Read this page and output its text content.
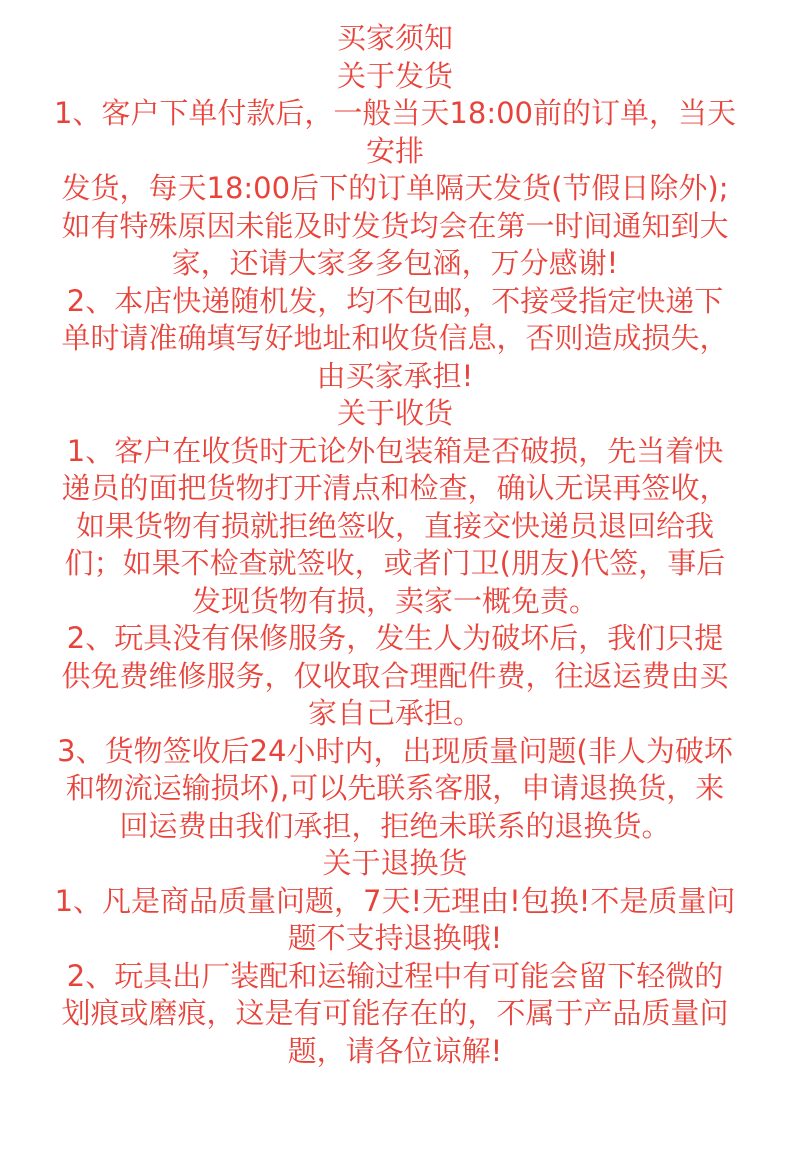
买家须知
关于发货
1、客户下单付款后，一般当天18:00前的订单，当天
安排
发货，每天18:00后下的订单隔天发货(节假日除外);
如有特殊原因未能及时发货均会在第一时间通知到大
家，还请大家多多包涵，万分感谢!
2、本店快递随机发，均不包邮，不接受指定快递下
单时请准确填写好地址和收货信息，否则造成损失，
由买家承担!
关于收货
1、客户在收货时无论外包装箱是否破损，先当着快
递员的面把货物打开清点和检查，确认无误再签收，
如果货物有损就拒绝签收，直接交快递员退回给我
们；如果不检查就签收，或者门卫(朋友)代签，事后
发现货物有损，卖家一概免责。
2、玩具没有保修服务，发生人为破坏后，我们只提
供免费维修服务，仅收取合理配件费，往返运费由买
家自己承担。
3、货物签收后24小时内，出现质量问题(非人为破坏
和物流运输损坏),可以先联系客服，申请退换货，来
回运费由我们承担，拒绝未联系的退换货。
关于退换货
1、凡是商品质量问题，7天!无理由!包换!不是质量问
题不支持退换哦!
2、玩具出厂装配和运输过程中有可能会留下轻微的
划痕或磨痕，这是有可能存在的，不属于产品质量问
题，请各位谅解!
